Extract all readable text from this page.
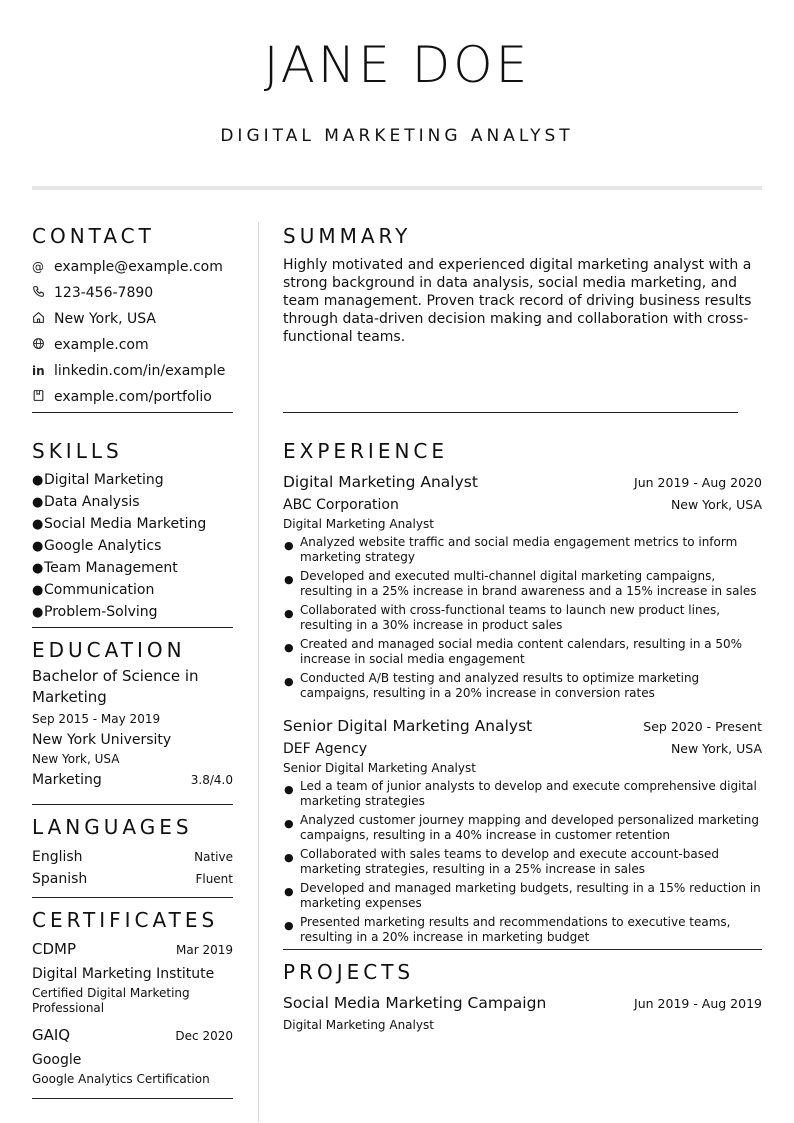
JANE DOE
DIGITAL MARKETING ANALYST
CONTACT
@ example@example.com
123-456-7890
New York, USA
example.com
in linkedin.com/in/example
example.com/portfolio
SKILLS
●Digital Marketing
●Data Analysis
●Social Media Marketing
●Google Analytics
●Team Management
●Communication
●Problem-Solving
EDUCATION
Bachelor of Science in Marketing
Sep 2015 - May 2019
New York University
New York, USA
Marketing	3.8/4.0
LANGUAGES
English	Native
Spanish	Fluent
CERTIFICATES
CDMP	Mar 2019
Digital Marketing Institute
Certified Digital Marketing Professional
GAIQ	Dec 2020
Google
Google Analytics Certification
SUMMARY
Highly motivated and experienced digital marketing analyst with a strong background in data analysis, social media marketing, and team management. Proven track record of driving business results through data-driven decision making and collaboration with cross-functional teams.
EXPERIENCE
Digital Marketing Analyst	Jun 2019 - Aug 2020
ABC Corporation	New York, USA
Digital Marketing Analyst
● Analyzed website traffic and social media engagement metrics to inform marketing strategy
● Developed and executed multi-channel digital marketing campaigns, resulting in a 25% increase in brand awareness and a 15% increase in sales
● Collaborated with cross-functional teams to launch new product lines, resulting in a 30% increase in product sales
● Created and managed social media content calendars, resulting in a 50% increase in social media engagement
● Conducted A/B testing and analyzed results to optimize marketing campaigns, resulting in a 20% increase in conversion rates
Senior Digital Marketing Analyst	Sep 2020 - Present
DEF Agency	New York, USA
Senior Digital Marketing Analyst
● Led a team of junior analysts to develop and execute comprehensive digital marketing strategies
● Analyzed customer journey mapping and developed personalized marketing campaigns, resulting in a 40% increase in customer retention
● Collaborated with sales teams to develop and execute account-based marketing strategies, resulting in a 25% increase in sales
● Developed and managed marketing budgets, resulting in a 15% reduction in marketing expenses
● Presented marketing results and recommendations to executive teams, resulting in a 20% increase in marketing budget
PROJECTS
Social Media Marketing Campaign	Jun 2019 - Aug 2019
Digital Marketing Analyst
